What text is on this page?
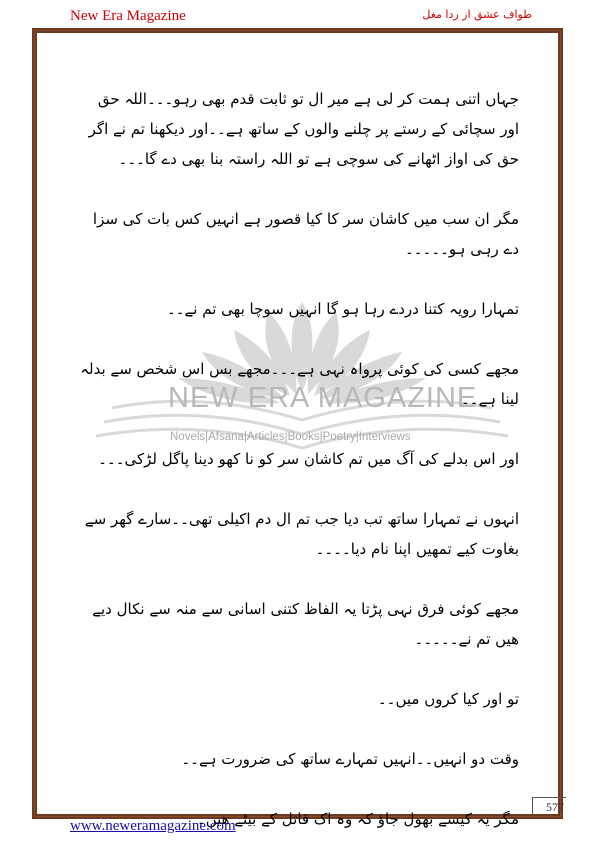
New Era Magazine	طواف عشق از ردا مغل
NEW ERA MAGAZINE
Novels|Afsana|Articles|Books|Poetry|Interviews

جہاں اتنی ہمت کر لی ہے میر ال تو ثابت قدم بھی رہو۔۔۔اللہ حق اور سچائی کے رستے پر چلنے والوں کے ساتھ ہے۔۔اور دیکھنا تم نے اگر حق کی اواز اٹھانے کی سوچی ہے تو اللہ راستہ بنا بھی دے گا۔۔۔

مگر ان سب میں کاشان سر کا کیا قصور ہے انہیں کس بات کی سزا دے رہی ہو۔۔۔۔۔

تمہارا رویہ کتنا دردے رہا ہو گا انہیں سوچا بھی تم نے۔۔

مجھے کسی کی کوئی پرواہ نہی ہے۔۔۔مجھے بس اس شخص سے بدلہ لینا ہے۔۔

اور اس بدلے کی آگ میں تم کاشان سر کو نا کھو دینا پاگل لڑکی۔۔۔

انہوں نے تمہارا ساتھ تب دیا جب تم ال دم اکیلی تھی۔۔سارے گھر سے بغاوت کیے تمھیں اپنا نام دیا۔۔۔۔

مجھے کوئی فرق نہی پڑتا یہ الفاظ کتنی اسانی سے منہ سے نکال دیے ھیں تم نے۔۔۔۔۔

تو اور کیا کروں میں۔۔

وقت دو انہیں۔۔انہیں تمہارے ساتھ کی ضرورت ہے۔۔

مگر یہ کیسے بھول جاؤ کہ وہ اک قاتل کے بیٹے ھیں۔

577
www.neweramagazine.com
